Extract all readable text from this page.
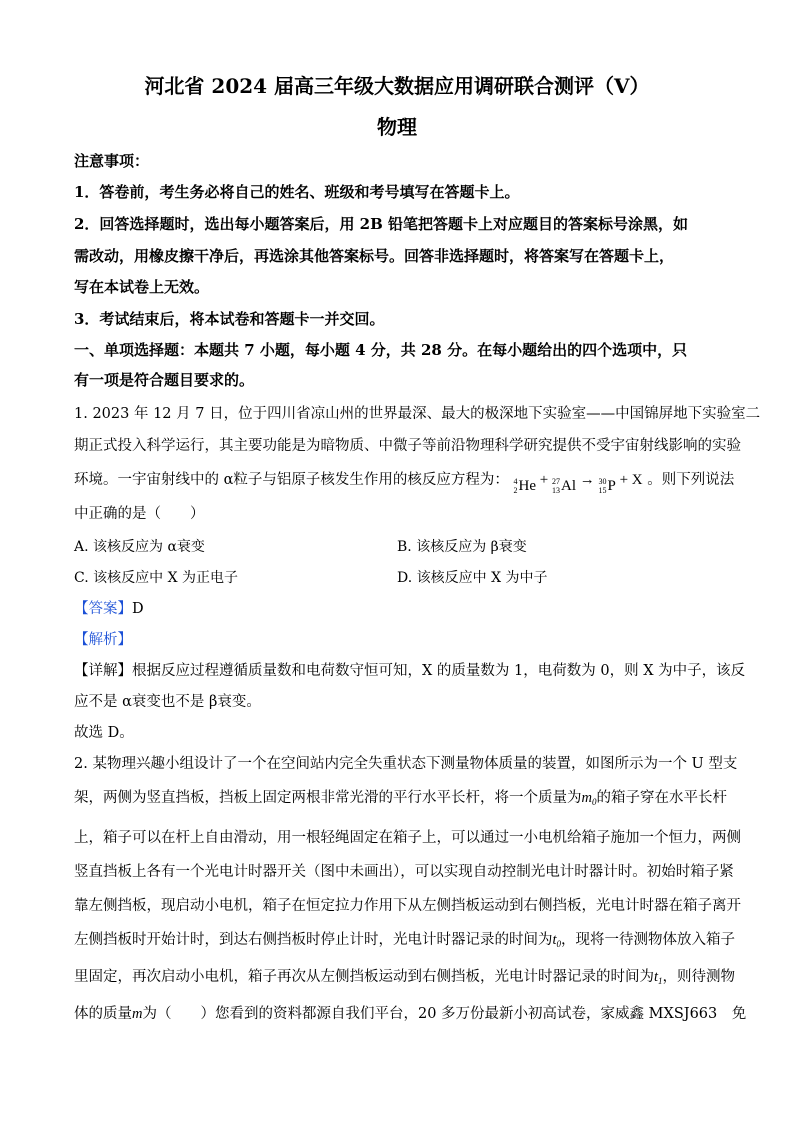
河北省 2024 届高三年级大数据应用调研联合测评（V）
物理
注意事项：
1．答卷前，考生务必将自己的姓名、班级和考号填写在答题卡上。
2．回答选择题时，选出每小题答案后，用 2B 铅笔把答题卡上对应题目的答案标号涂黑，如
需改动，用橡皮擦干净后，再选涂其他答案标号。回答非选择题时，将答案写在答题卡上，
写在本试卷上无效。
3．考试结束后，将本试卷和答题卡一并交回。
一、单项选择题：本题共 7 小题，每小题 4 分，共 28 分。在每小题给出的四个选项中，只
有一项是符合题目要求的。
1. 2023 年 12 月 7 日，位于四川省凉山州的世界最深、最大的极深地下实验室——中国锦屏地下实验室二
期正式投入科学运行，其主要功能是为暗物质、中微子等前沿物理科学研究提供不受宇宙射线影响的实验
环境。一宇宙射线中的 α粒子与铝原子核发生作用的核反应方程为： 4
2 He + 27
13 Al → 30
15 P + X 。则下列说法
中正确的是（　　）
A. 该核反应为 α衰变	B. 该核反应为 β衰变
C. 该核反应中 X 为正电子	D. 该核反应中 X 为中子
【答案】D
【解析】
【详解】根据反应过程遵循质量数和电荷数守恒可知，X 的质量数为 1，电荷数为 0，则 X 为中子，该反
应不是 α衰变也不是 β衰变。
故选 D。
2. 某物理兴趣小组设计了一个在空间站内完全失重状态下测量物体质量的装置，如图所示为一个 U 型支
架，两侧为竖直挡板，挡板上固定两根非常光滑的平行水平长杆，将一个质量为$m_0$的箱子穿在水平长杆
上，箱子可以在杆上自由滑动，用一根轻绳固定在箱子上，可以通过一小电机给箱子施加一个恒力，两侧
竖直挡板上各有一个光电计时器开关（图中未画出），可以实现自动控制光电计时器计时。初始时箱子紧
靠左侧挡板，现启动小电机，箱子在恒定拉力作用下从左侧挡板运动到右侧挡板，光电计时器在箱子离开
左侧挡板时开始计时，到达右侧挡板时停止计时，光电计时器记录的时间为$t_0$，现将一待测物体放入箱子
里固定，再次启动小电机，箱子再次从左侧挡板运动到右侧挡板，光电计时器记录的时间为$t_1$，则待测物
体的质量m为（　　）您看到的资料都源自我们平台，20 多万份最新小初高试卷，家威鑫 MXSJ663　免
